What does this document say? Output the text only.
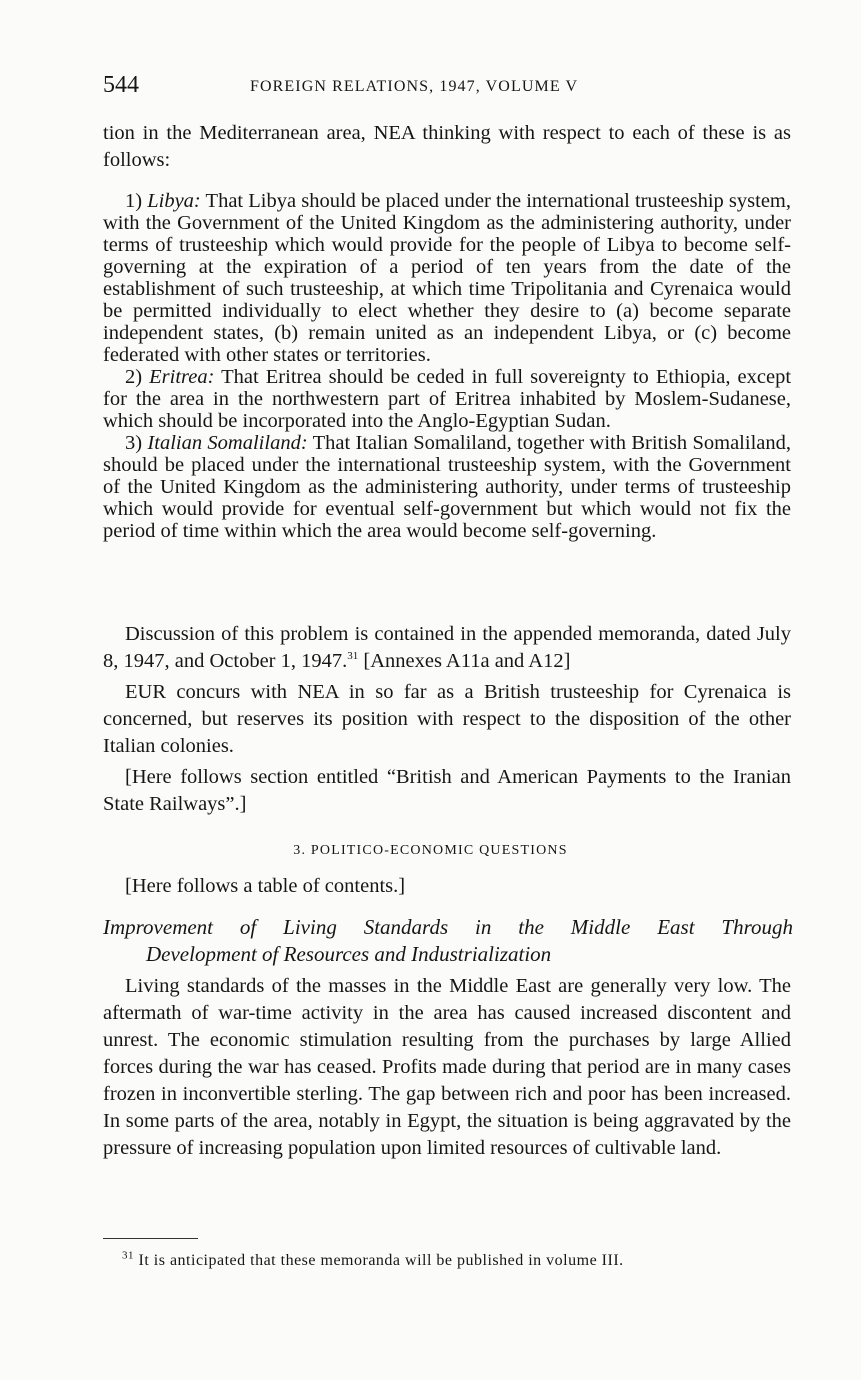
544	FOREIGN RELATIONS, 1947, VOLUME V

tion in the Mediterranean area, NEA thinking with respect to each of these is as follows:

1) Libya: That Libya should be placed under the international trusteeship system, with the Government of the United Kingdom as the administering authority, under terms of trusteeship which would provide for the people of Libya to become self-governing at the expiration of a period of ten years from the date of the establishment of such trusteeship, at which time Tripolitania and Cyrenaica would be permitted individually to elect whether they desire to (a) become separate independent states, (b) remain united as an independent Libya, or (c) become federated with other states or territories.

2) Eritrea: That Eritrea should be ceded in full sovereignty to Ethiopia, except for the area in the northwestern part of Eritrea inhabited by Moslem-Sudanese, which should be incorporated into the Anglo-Egyptian Sudan.

3) Italian Somaliland: That Italian Somaliland, together with British Somaliland, should be placed under the international trusteeship system, with the Government of the United Kingdom as the administering authority, under terms of trusteeship which would provide for eventual self-government but which would not fix the period of time within which the area would become self-governing.

Discussion of this problem is contained in the appended memoranda, dated July 8, 1947, and October 1, 1947.31 [Annexes A11a and A12]

EUR concurs with NEA in so far as a British trusteeship for Cyrenaica is concerned, but reserves its position with respect to the disposition of the other Italian colonies.

[Here follows section entitled “British and American Payments to the Iranian State Railways”.]

3. POLITICO-ECONOMIC QUESTIONS

[Here follows a table of contents.]

Improvement of Living Standards in the Middle East Through
Development of Resources and Industrialization

Living standards of the masses in the Middle East are generally very low. The aftermath of war-time activity in the area has caused increased discontent and unrest. The economic stimulation resulting from the purchases by large Allied forces during the war has ceased. Profits made during that period are in many cases frozen in inconvertible sterling. The gap between rich and poor has been increased. In some parts of the area, notably in Egypt, the situation is being aggravated by the pressure of increasing population upon limited resources of cultivable land.

$^{31}$ It is anticipated that these memoranda will be published in volume III.
